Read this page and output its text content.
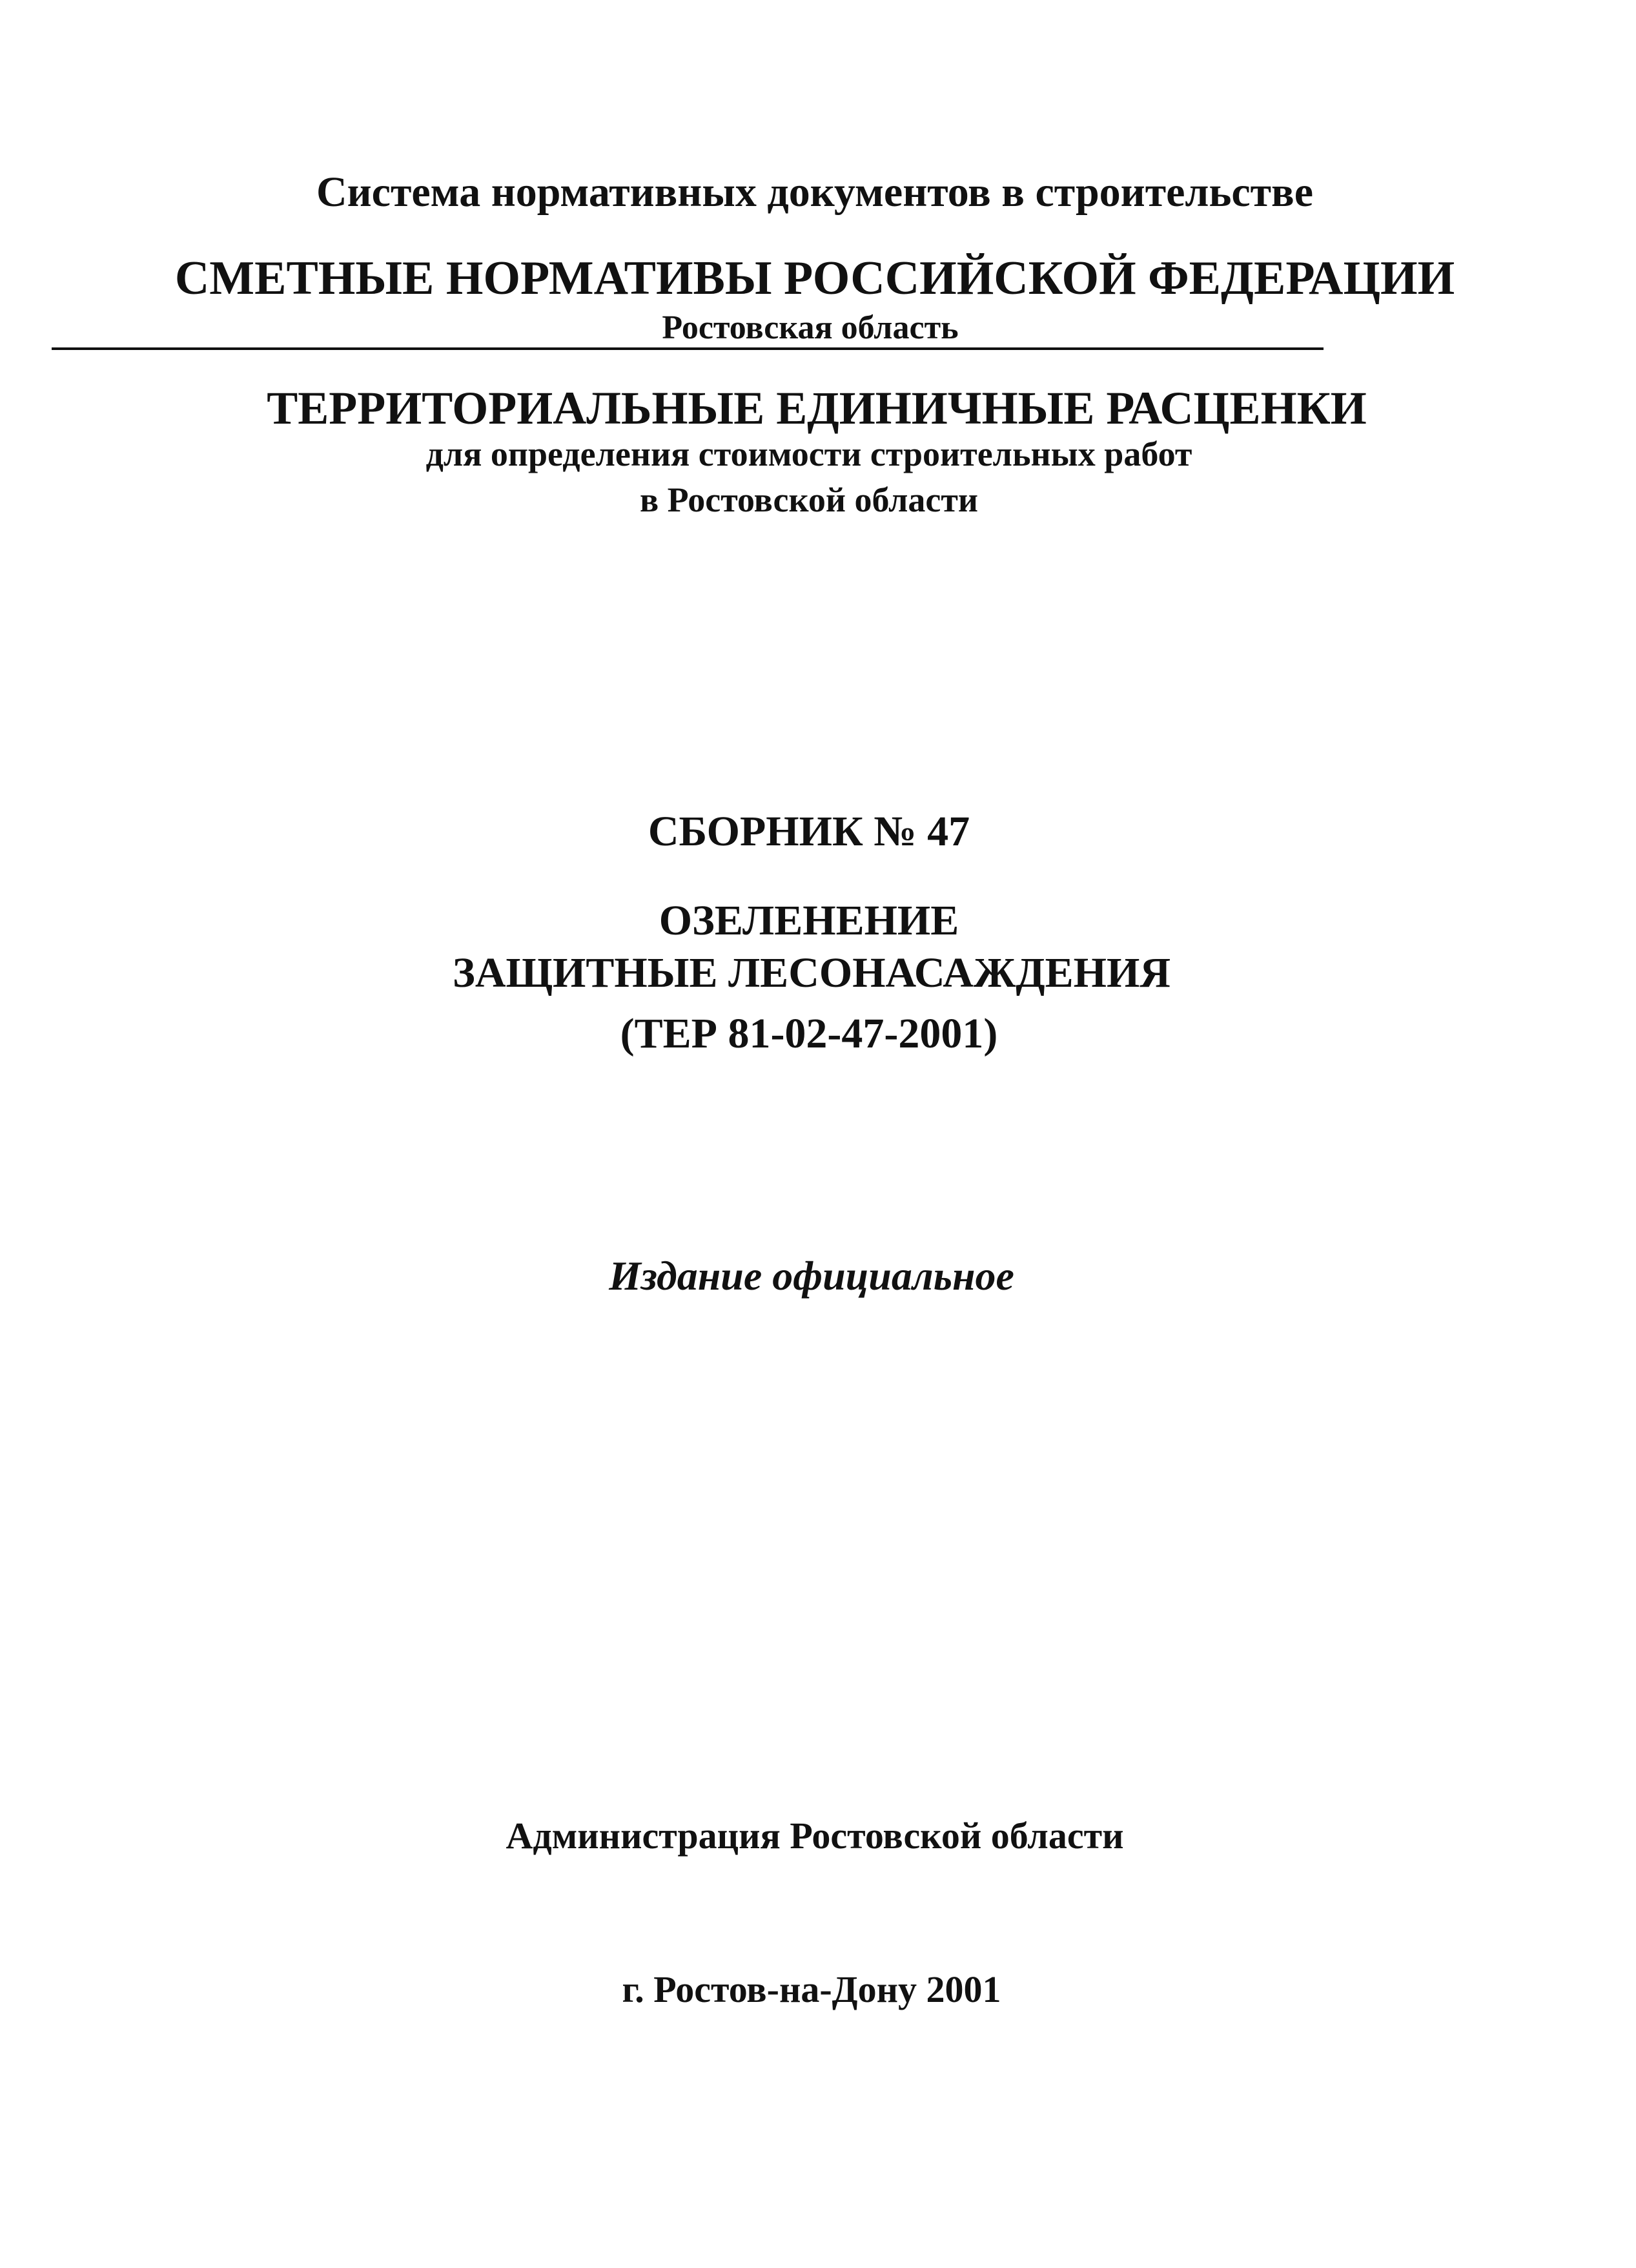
Система нормативных документов в строительстве
СМЕТНЫЕ НОРМАТИВЫ РОССИЙСКОЙ ФЕДЕРАЦИИ
Ростовская область
ТЕРРИТОРИАЛЬНЫЕ ЕДИНИЧНЫЕ РАСЦЕНКИ
для определения стоимости строительных работ
в Ростовской области
СБОРНИК № 47
ОЗЕЛЕНЕНИЕ
ЗАЩИТНЫЕ ЛЕСОНАСАЖДЕНИЯ
(ТЕР 81-02-47-2001)
Издание официальное
Администрация Ростовской области
г. Ростов-на-Дону 2001
